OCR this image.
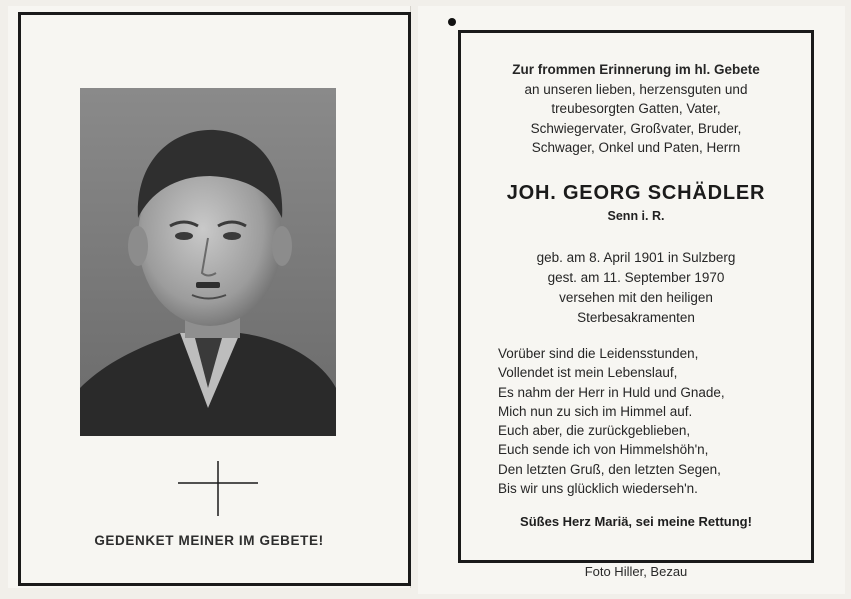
GEDENKET MEINER IM GEBETE!
Zur frommen Erinnerung im hl. Gebete
an unseren lieben, herzensguten und
treubesorgten Gatten, Vater,
Schwiegervater, Großvater, Bruder,
Schwager, Onkel und Paten, Herrn
JOH. GEORG SCHÄDLER
Senn i. R.
geb. am 8. April 1901 in Sulzberg
gest. am 11. September 1970
versehen mit den heiligen
Sterbesakramenten
Vorüber sind die Leidensstunden,
Vollendet ist mein Lebenslauf,
Es nahm der Herr in Huld und Gnade,
Mich nun zu sich im Himmel auf.
Euch aber, die zurückgeblieben,
Euch sende ich von Himmelshöh'n,
Den letzten Gruß, den letzten Segen,
Bis wir uns glücklich wiederseh'n.
Süßes Herz Mariä, sei meine Rettung!
Foto Hiller, Bezau
